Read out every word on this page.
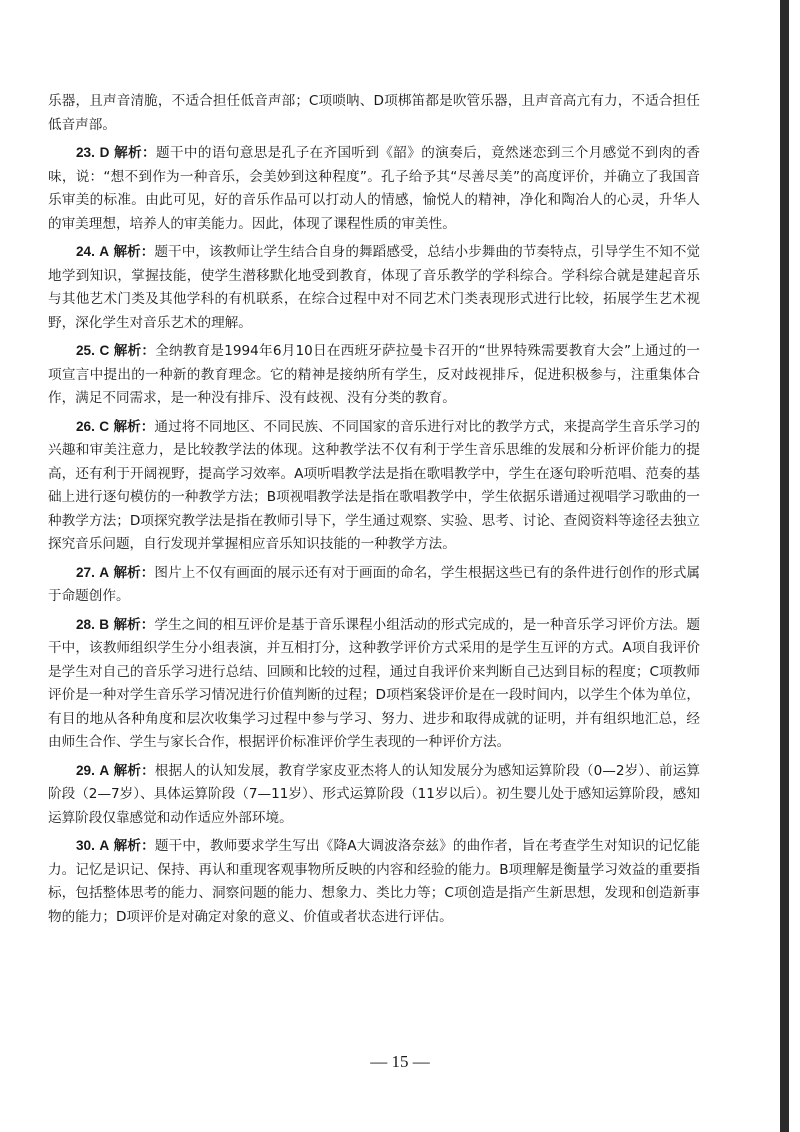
乐器，且声音清脆，不适合担任低音声部；C项唢呐、D项梆笛都是吹管乐器，且声音高亢有力，不适合担任低音声部。

23. D 解析：题干中的语句意思是孔子在齐国听到《韶》的演奏后，竟然迷恋到三个月感觉不到肉的香味，说：“想不到作为一种音乐，会美妙到这种程度”。孔子给予其“尽善尽美”的高度评价，并确立了我国音乐审美的标准。由此可见，好的音乐作品可以打动人的情感，愉悦人的精神，净化和陶冶人的心灵，升华人的审美理想，培养人的审美能力。因此，体现了课程性质的审美性。

24. A 解析：题干中，该教师让学生结合自身的舞蹈感受，总结小步舞曲的节奏特点，引导学生不知不觉地学到知识，掌握技能，使学生潜移默化地受到教育，体现了音乐教学的学科综合。学科综合就是建起音乐与其他艺术门类及其他学科的有机联系，在综合过程中对不同艺术门类表现形式进行比较，拓展学生艺术视野，深化学生对音乐艺术的理解。

25. C 解析：全纳教育是1994年6月10日在西班牙萨拉曼卡召开的“世界特殊需要教育大会”上通过的一项宣言中提出的一种新的教育理念。它的精神是接纳所有学生，反对歧视排斥，促进积极参与，注重集体合作，满足不同需求，是一种没有排斥、没有歧视、没有分类的教育。

26. C 解析：通过将不同地区、不同民族、不同国家的音乐进行对比的教学方式，来提高学生音乐学习的兴趣和审美注意力，是比较教学法的体现。这种教学法不仅有利于学生音乐思维的发展和分析评价能力的提高，还有利于开阔视野，提高学习效率。A项听唱教学法是指在歌唱教学中，学生在逐句聆听范唱、范奏的基础上进行逐句模仿的一种教学方法；B项视唱教学法是指在歌唱教学中，学生依据乐谱通过视唱学习歌曲的一种教学方法；D项探究教学法是指在教师引导下，学生通过观察、实验、思考、讨论、查阅资料等途径去独立探究音乐问题，自行发现并掌握相应音乐知识技能的一种教学方法。

27. A 解析：图片上不仅有画面的展示还有对于画面的命名，学生根据这些已有的条件进行创作的形式属于命题创作。

28. B 解析：学生之间的相互评价是基于音乐课程小组活动的形式完成的，是一种音乐学习评价方法。题干中，该教师组织学生分小组表演，并互相打分，这种教学评价方式采用的是学生互评的方式。A项自我评价是学生对自己的音乐学习进行总结、回顾和比较的过程，通过自我评价来判断自己达到目标的程度；C项教师评价是一种对学生音乐学习情况进行价值判断的过程；D项档案袋评价是在一段时间内，以学生个体为单位，有目的地从各种角度和层次收集学习过程中参与学习、努力、进步和取得成就的证明，并有组织地汇总，经由师生合作、学生与家长合作，根据评价标准评价学生表现的一种评价方法。

29. A 解析：根据人的认知发展，教育学家皮亚杰将人的认知发展分为感知运算阶段（0—2岁）、前运算阶段（2—7岁）、具体运算阶段（7—11岁）、形式运算阶段（11岁以后）。初生婴儿处于感知运算阶段，感知运算阶段仅靠感觉和动作适应外部环境。

30. A 解析：题干中，教师要求学生写出《降A大调波洛奈兹》的曲作者，旨在考查学生对知识的记忆能力。记忆是识记、保持、再认和重现客观事物所反映的内容和经验的能力。B项理解是衡量学习效益的重要指标，包括整体思考的能力、洞察问题的能力、想象力、类比力等；C项创造是指产生新思想，发现和创造新事物的能力；D项评价是对确定对象的意义、价值或者状态进行评估。

— 15 —
